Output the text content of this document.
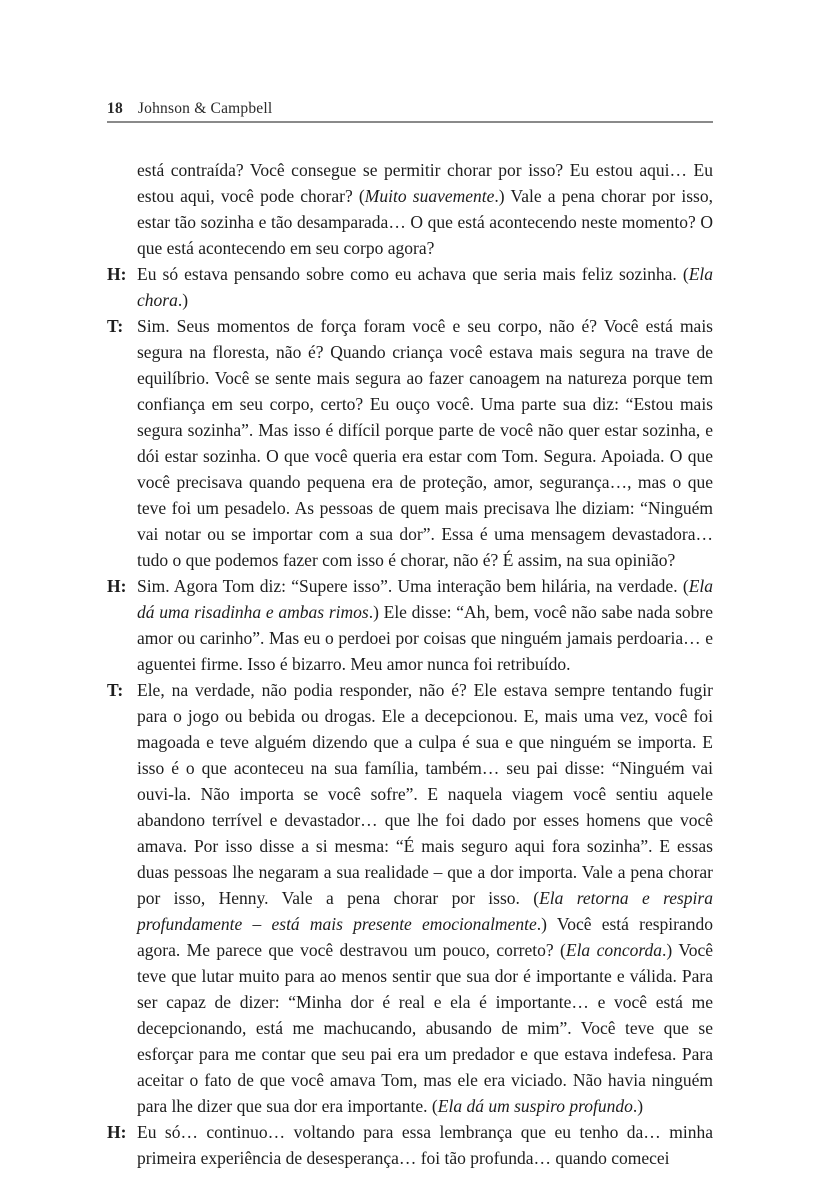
18 Johnson & Campbell

está contraída? Você consegue se permitir chorar por isso? Eu estou aqui… Eu estou aqui, você pode chorar? (Muito suavemente.) Vale a pena chorar por isso, estar tão sozinha e tão desamparada… O que está acontecendo neste momento? O que está acontecendo em seu corpo agora?

H: Eu só estava pensando sobre como eu achava que seria mais feliz sozinha. (Ela chora.)

T: Sim. Seus momentos de força foram você e seu corpo, não é? Você está mais segura na floresta, não é? Quando criança você estava mais segura na trave de equilíbrio. Você se sente mais segura ao fazer canoagem na natureza porque tem confiança em seu corpo, certo? Eu ouço você. Uma parte sua diz: “Estou mais segura sozinha”. Mas isso é difícil porque parte de você não quer estar sozinha, e dói estar sozinha. O que você queria era estar com Tom. Segura. Apoiada. O que você precisava quando pequena era de proteção, amor, segurança…, mas o que teve foi um pesadelo. As pessoas de quem mais precisava lhe diziam: “Ninguém vai notar ou se importar com a sua dor”. Essa é uma mensagem devastadora… tudo o que podemos fazer com isso é chorar, não é? É assim, na sua opinião?

H: Sim. Agora Tom diz: “Supere isso”. Uma interação bem hilária, na verdade. (Ela dá uma risadinha e ambas rimos.) Ele disse: “Ah, bem, você não sabe nada sobre amor ou carinho”. Mas eu o perdoei por coisas que ninguém jamais perdoaria… e aguentei firme. Isso é bizarro. Meu amor nunca foi retribuído.

T: Ele, na verdade, não podia responder, não é? Ele estava sempre tentando fugir para o jogo ou bebida ou drogas. Ele a decepcionou. E, mais uma vez, você foi magoada e teve alguém dizendo que a culpa é sua e que ninguém se importa. E isso é o que aconteceu na sua família, também… seu pai disse: “Ninguém vai ouvi-la. Não importa se você sofre”. E naquela viagem você sentiu aquele abandono terrível e devastador… que lhe foi dado por esses homens que você amava. Por isso disse a si mesma: “É mais seguro aqui fora sozinha”. E essas duas pessoas lhe negaram a sua realidade – que a dor importa. Vale a pena chorar por isso, Henny. Vale a pena chorar por isso. (Ela retorna e respira profundamente – está mais presente emocionalmente.) Você está respirando agora. Me parece que você destravou um pouco, correto? (Ela concorda.) Você teve que lutar muito para ao menos sentir que sua dor é importante e válida. Para ser capaz de dizer: “Minha dor é real e ela é importante… e você está me decepcionando, está me machucando, abusando de mim”. Você teve que se esforçar para me contar que seu pai era um predador e que estava indefesa. Para aceitar o fato de que você amava Tom, mas ele era viciado. Não havia ninguém para lhe dizer que sua dor era importante. (Ela dá um suspiro profundo.)

H: Eu só… continuo… voltando para essa lembrança que eu tenho da… minha primeira experiência de desesperança… foi tão profunda… quando comecei
